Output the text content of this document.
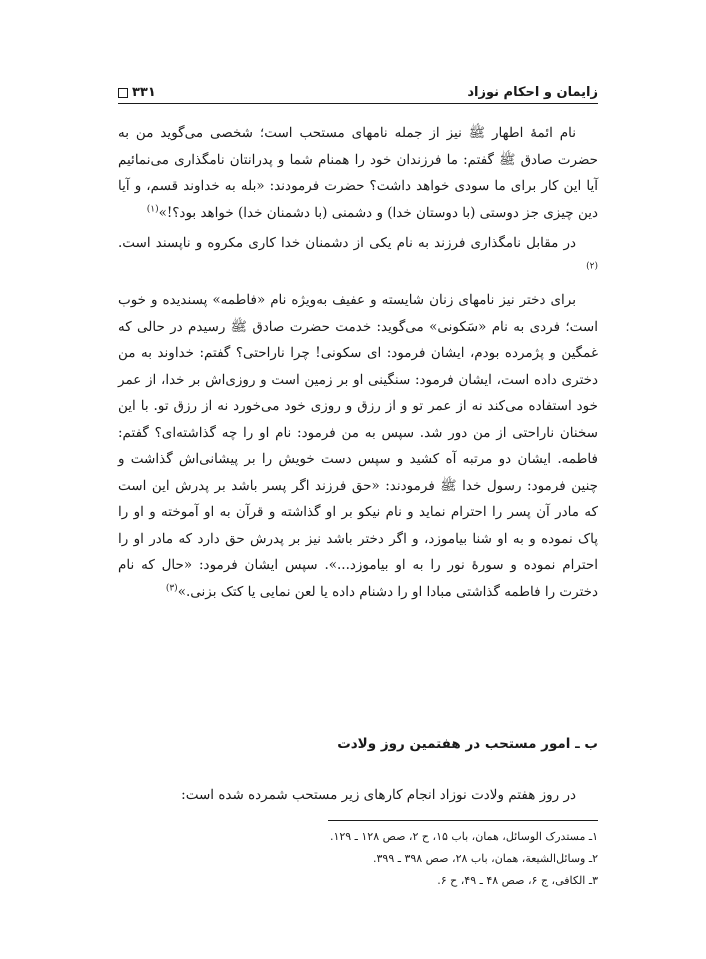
زایمان و احکام نوزاد
۳۳۱

نام ائمهٔ اطهار ﷺ نیز از جمله نامهای مستحب است؛ شخصی می‌گوید من به حضرت صادق ﷺ گفتم: ما فرزندان خود را همنام شما و پدرانتان نامگذاری می‌نمائیم آیا این کار برای ما سودی خواهد داشت؟ حضرت فرمودند: «بله به خداوند قسم، و آیا دین چیزی جز دوستی (با دوستان خدا) و دشمنی (با دشمنان خدا) خواهد بود؟!»$^{(۱)}$

در مقابل نامگذاری فرزند به نام یکی از دشمنان خدا کاری مکروه و ناپسند است.$^{(۲)}$

برای دختر نیز نامهای زنان شایسته و عفیف به‌ویژه نام «فاطمه» پسندیده و خوب است؛ فردی به نام «سَکونی» می‌گوید: خدمت حضرت صادق ﷺ رسیدم در حالی که غمگین و پژمرده بودم، ایشان فرمود: ای سکونی! چرا ناراحتی؟ گفتم: خداوند به من دختری داده است، ایشان فرمود: سنگینی او بر زمین است و روزی‌اش بر خدا، از عمر خود استفاده می‌کند نه از عمر تو و از رزق و روزی خود می‌خورد نه از رزق تو. با این سخنان ناراحتی از من دور شد. سپس به من فرمود: نام او را چه گذاشته‌ای؟ گفتم: فاطمه. ایشان دو مرتبه آه کشید و سپس دست خویش را بر پیشانی‌اش گذاشت و چنین فرمود: رسول خدا ﷺ فرمودند: «حق فرزند اگر پسر باشد بر پدرش این است که مادر آن پسر را احترام نماید و نام نیکو بر او گذاشته و قرآن به او آموخته و او را پاک نموده و به او شنا بیاموزد، و اگر دختر باشد نیز بر پدرش حق دارد که مادر او را احترام نموده و سورهٔ نور را به او بیاموزد...». سپس ایشان فرمود: «حال که نام دخترت را فاطمه گذاشتی مبادا او را دشنام داده یا لعن نمایی یا کتک بزنی.»$^{(۳)}$

ب ـ امور مستحب در هفتمین روز ولادت

در روز هفتم ولادت نوزاد انجام کارهای زیر مستحب شمرده شده است:

۱ـ مستدرک الوسائل، همان، باب ۱۵، ح ۲، صص ۱۲۸ ـ ۱۲۹.

۲ـ وسائل‌الشیعة، همان، باب ۲۸، صص ۳۹۸ ـ ۳۹۹.

۳ـ الکافی، ج ۶، صص ۴۸ ـ ۴۹، ح ۶.
